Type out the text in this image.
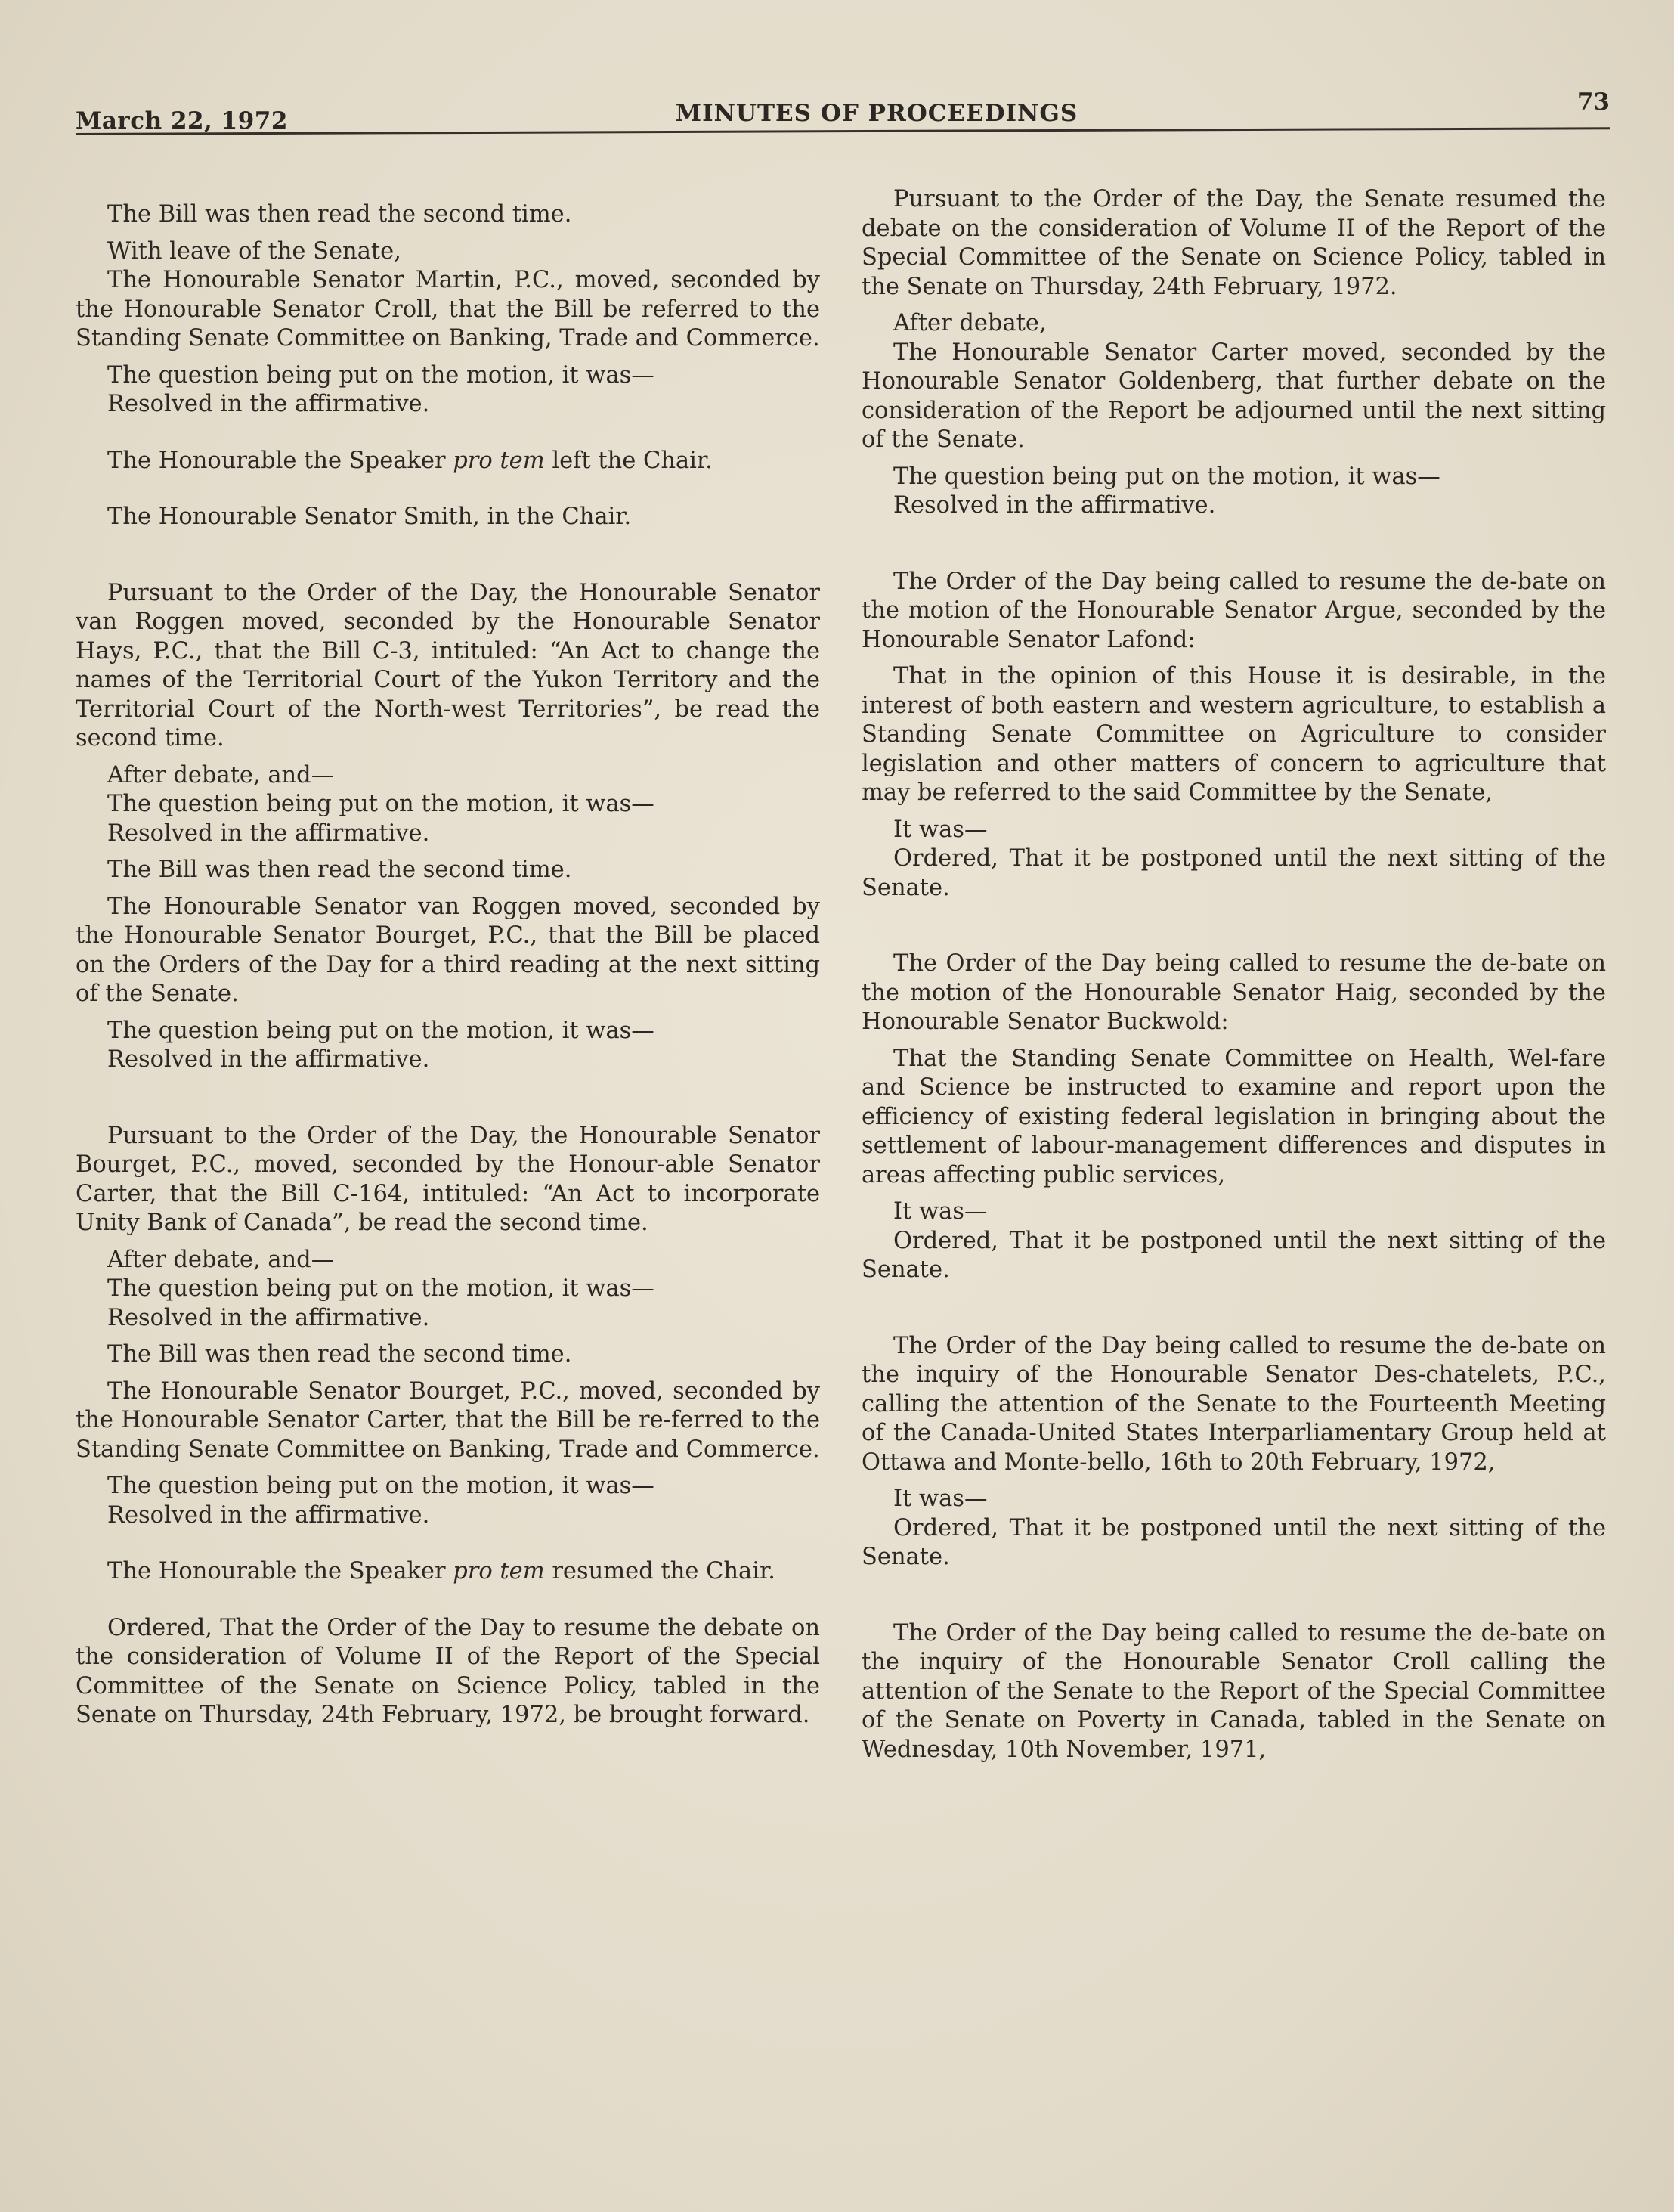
March 22, 1972	MINUTES OF PROCEEDINGS	73

The Bill was then read the second time.

With leave of the Senate,

The Honourable Senator Martin, P.C., moved, seconded by the Honourable Senator Croll, that the Bill be referred to the Standing Senate Committee on Banking, Trade and Commerce.

The question being put on the motion, it was—

Resolved in the affirmative.

The Honourable the Speaker pro tem left the Chair.

The Honourable Senator Smith, in the Chair.

Pursuant to the Order of the Day, the Honourable Senator van Roggen moved, seconded by the Honourable Senator Hays, P.C., that the Bill C-3, intituled: “An Act to change the names of the Territorial Court of the Yukon Territory and the Territorial Court of the North-west Territories”, be read the second time.

After debate, and—

The question being put on the motion, it was—

Resolved in the affirmative.

The Bill was then read the second time.

The Honourable Senator van Roggen moved, seconded by the Honourable Senator Bourget, P.C., that the Bill be placed on the Orders of the Day for a third reading at the next sitting of the Senate.

The question being put on the motion, it was—

Resolved in the affirmative.

Pursuant to the Order of the Day, the Honourable Senator Bourget, P.C., moved, seconded by the Honour-able Senator Carter, that the Bill C-164, intituled: “An Act to incorporate Unity Bank of Canada”, be read the second time.

After debate, and—

The question being put on the motion, it was—

Resolved in the affirmative.

The Bill was then read the second time.

The Honourable Senator Bourget, P.C., moved, seconded by the Honourable Senator Carter, that the Bill be re-ferred to the Standing Senate Committee on Banking, Trade and Commerce.

The question being put on the motion, it was—

Resolved in the affirmative.

The Honourable the Speaker pro tem resumed the Chair.

Ordered, That the Order of the Day to resume the debate on the consideration of Volume II of the Report of the Special Committee of the Senate on Science Policy, tabled in the Senate on Thursday, 24th February, 1972, be brought forward.

Pursuant to the Order of the Day, the Senate resumed the debate on the consideration of Volume II of the Report of the Special Committee of the Senate on Science Policy, tabled in the Senate on Thursday, 24th February, 1972.

After debate,

The Honourable Senator Carter moved, seconded by the Honourable Senator Goldenberg, that further debate on the consideration of the Report be adjourned until the next sitting of the Senate.

The question being put on the motion, it was—

Resolved in the affirmative.

The Order of the Day being called to resume the de-bate on the motion of the Honourable Senator Argue, seconded by the Honourable Senator Lafond:

That in the opinion of this House it is desirable, in the interest of both eastern and western agriculture, to establish a Standing Senate Committee on Agriculture to consider legislation and other matters of concern to agriculture that may be referred to the said Committee by the Senate,

It was—

Ordered, That it be postponed until the next sitting of the Senate.

The Order of the Day being called to resume the de-bate on the motion of the Honourable Senator Haig, seconded by the Honourable Senator Buckwold:

That the Standing Senate Committee on Health, Wel-fare and Science be instructed to examine and report upon the efficiency of existing federal legislation in bringing about the settlement of labour-management differences and disputes in areas affecting public services,

It was—

Ordered, That it be postponed until the next sitting of the Senate.

The Order of the Day being called to resume the de-bate on the inquiry of the Honourable Senator Des-chatelets, P.C., calling the attention of the Senate to the Fourteenth Meeting of the Canada-United States Interparliamentary Group held at Ottawa and Monte-bello, 16th to 20th February, 1972,

It was—

Ordered, That it be postponed until the next sitting of the Senate.

The Order of the Day being called to resume the de-bate on the inquiry of the Honourable Senator Croll calling the attention of the Senate to the Report of the Special Committee of the Senate on Poverty in Canada, tabled in the Senate on Wednesday, 10th November, 1971,
